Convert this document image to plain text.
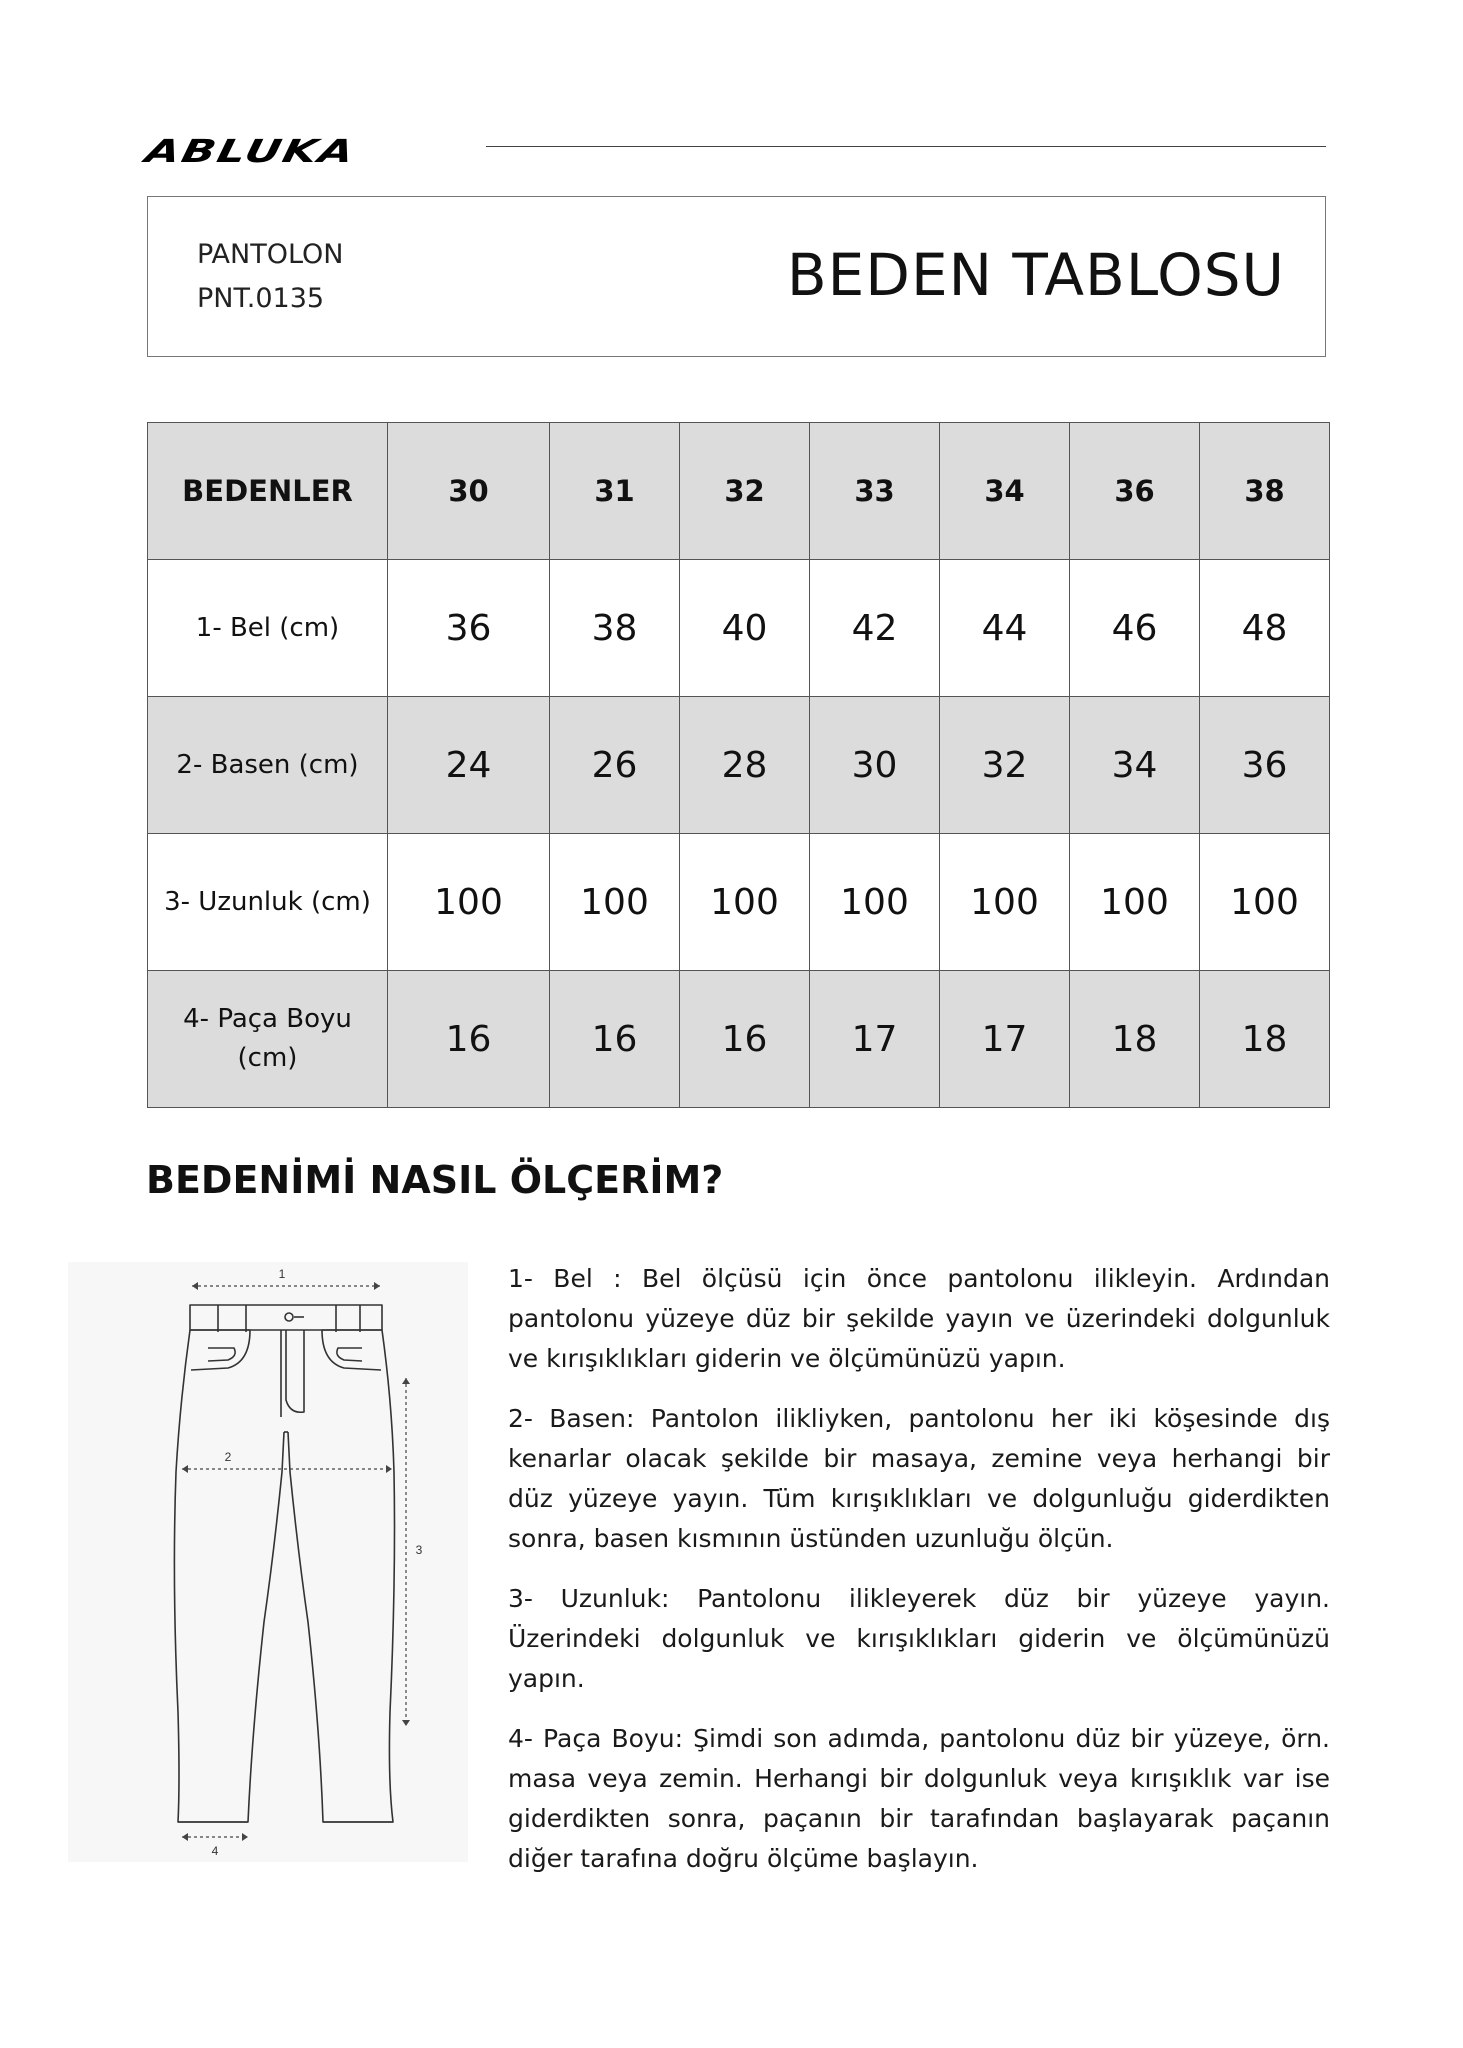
ABLUKA
PANTOLON
PNT.0135	BEDEN TABLOSU
BEDENLER	30	31	32	33	34	36	38
1- Bel (cm)	36	38	40	42	44	46	48
2- Basen (cm)	24	26	28	30	32	34	36
3- Uzunluk (cm)	100	100	100	100	100	100	100
4- Paça Boyu
(cm)	16	16	16	17	17	18	18
BEDENİMİ NASIL ÖLÇERİM?
1
2
3
4

1- Bel : Bel ölçüsü için önce pantolonu ilikleyin. Ardından pantolonu yüzeye düz bir şekilde yayın ve üzerindeki dolgunluk ve kırışıklıkları giderin ve ölçümünüzü yapın.

2- Basen: Pantolon ilikliyken, pantolonu her iki köşesinde dış kenarlar olacak şekilde bir masaya, zemine veya herhangi bir düz yüzeye yayın. Tüm kırışıklıkları ve dolgunluğu giderdikten sonra, basen kısmının üstünden uzunluğu ölçün.

3- Uzunluk: Pantolonu ilikleyerek düz bir yüzeye yayın. Üzerindeki dolgunluk ve kırışıklıkları giderin ve ölçümünüzü yapın.

4- Paça Boyu: Şimdi son adımda, pantolonu düz bir yüzeye, örn. masa veya zemin. Herhangi bir dolgunluk veya kırışıklık var ise giderdikten sonra, paçanın bir tarafından başlayarak paçanın diğer tarafına doğru ölçüme başlayın.
